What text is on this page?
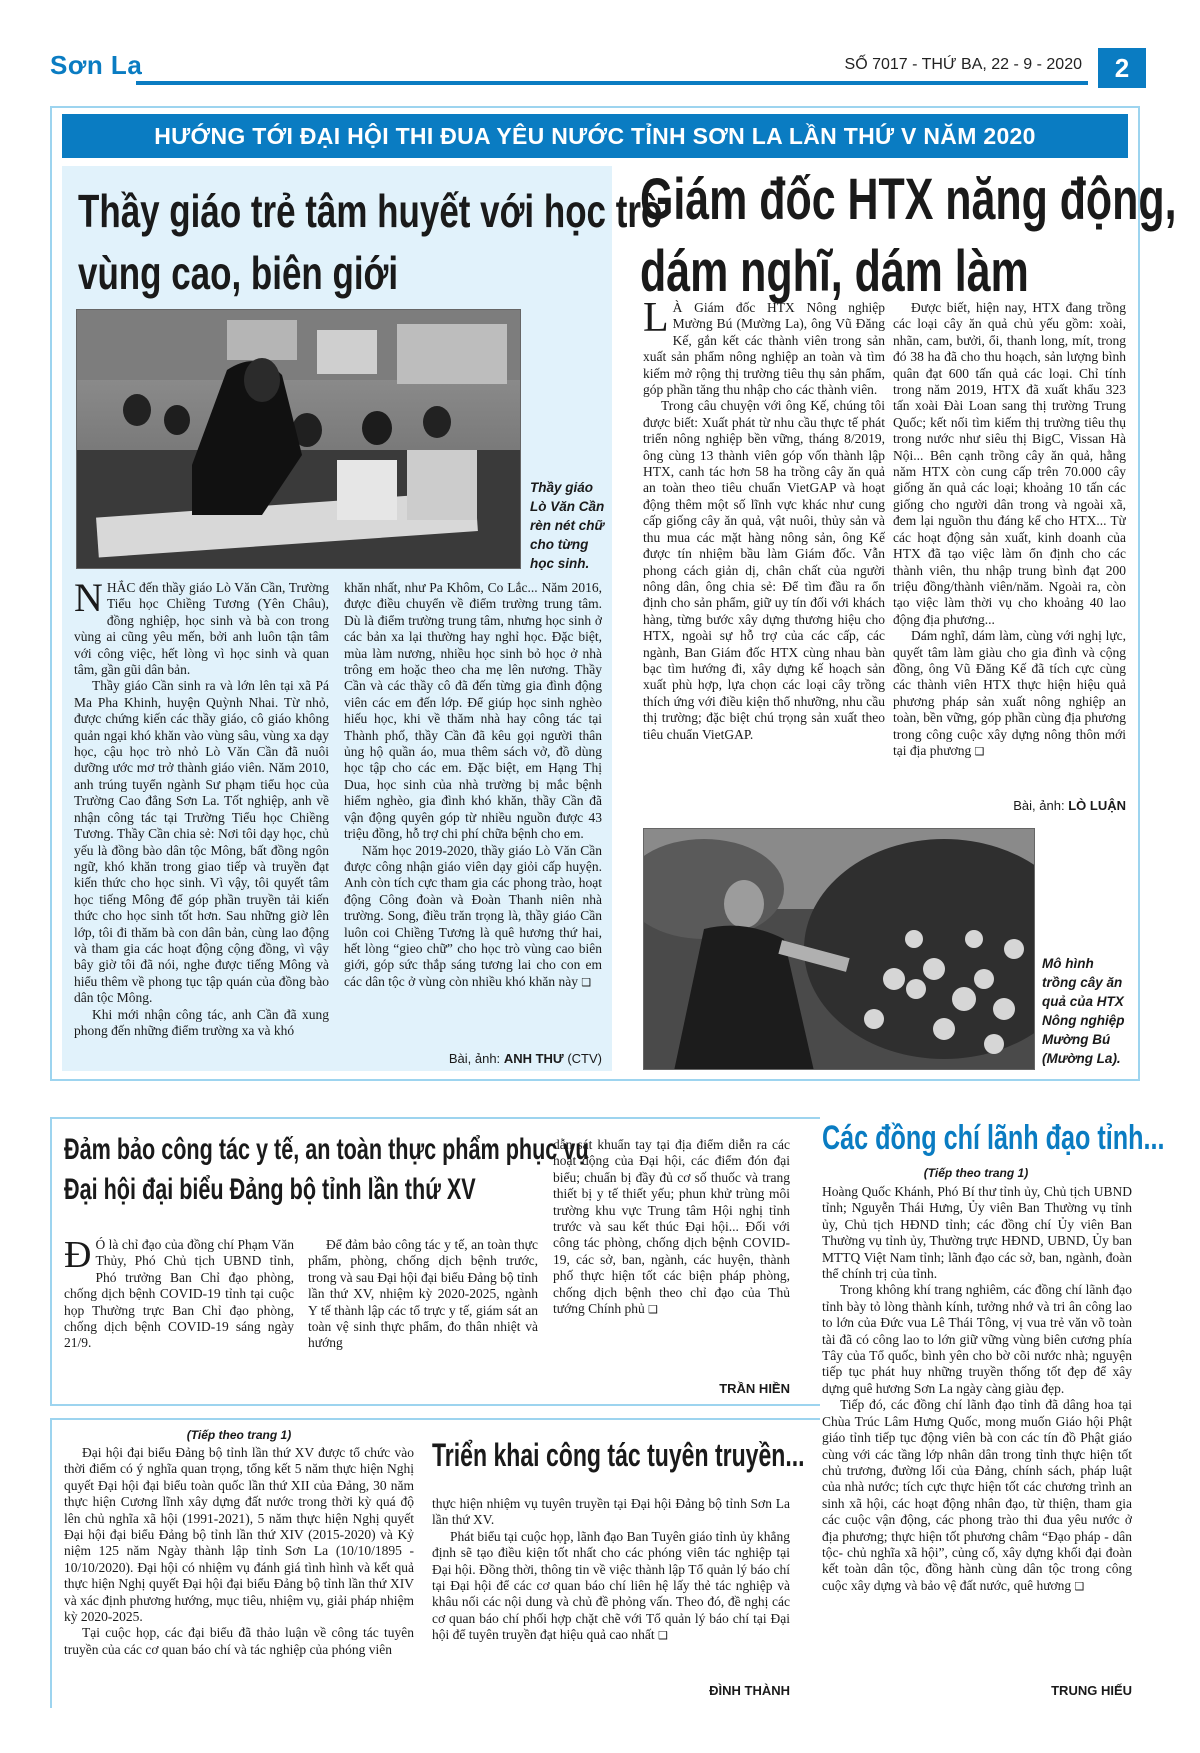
Sơn La	SỐ 7017 - THỨ BA, 22 - 9 - 2020	2
HƯỚNG TỚI ĐẠI HỘI THI ĐUA YÊU NƯỚC TỈNH SƠN LA LẦN THỨ V NĂM 2020
Thầy giáo trẻ tâm huyết với học trò
vùng cao, biên giới
Thầy giáo
Lò Văn Cần
rèn nét chữ
cho từng
học sinh.

NHẮC đến thầy giáo Lò Văn Cần, Trường Tiểu học Chiềng Tương (Yên Châu), đồng nghiệp, học sinh và bà con trong vùng ai cũng yêu mến, bởi anh luôn tận tâm với công việc, hết lòng vì học sinh và quan tâm, gần gũi dân bản.

Thầy giáo Cần sinh ra và lớn lên tại xã Pá Ma Pha Khinh, huyện Quỳnh Nhai. Từ nhỏ, được chứng kiến các thầy giáo, cô giáo không quản ngại khó khăn vào vùng sâu, vùng xa dạy học, cậu học trò nhỏ Lò Văn Cần đã nuôi dưỡng ước mơ trở thành giáo viên. Năm 2010, anh trúng tuyển ngành Sư phạm tiểu học của Trường Cao đẳng Sơn La. Tốt nghiệp, anh về nhận công tác tại Trường Tiểu học Chiềng Tương. Thầy Cần chia sẻ: Nơi tôi dạy học, chủ yếu là đồng bào dân tộc Mông, bất đồng ngôn ngữ, khó khăn trong giao tiếp và truyền đạt kiến thức cho học sinh. Vì vậy, tôi quyết tâm học tiếng Mông để góp phần truyền tải kiến thức cho học sinh tốt hơn. Sau những giờ lên lớp, tôi đi thăm bà con dân bản, cùng lao động và tham gia các hoạt động cộng đồng, vì vậy bây giờ tôi đã nói, nghe được tiếng Mông và hiểu thêm về phong tục tập quán của đồng bào dân tộc Mông.

Khi mới nhận công tác, anh Cần đã xung phong đến những điểm trường xa và khó

khăn nhất, như Pa Khôm, Co Lắc... Năm 2016, được điều chuyển về điểm trường trung tâm. Dù là điểm trường trung tâm, nhưng học sinh ở các bản xa lại thường hay nghỉ học. Đặc biệt, mùa làm nương, nhiều học sinh bỏ học ở nhà trông em hoặc theo cha mẹ lên nương. Thầy Cần và các thầy cô đã đến từng gia đình động viên các em đến lớp. Để giúp học sinh nghèo hiếu học, khi về thăm nhà hay công tác tại Thành phố, thầy Cần đã kêu gọi người thân ủng hộ quần áo, mua thêm sách vở, đồ dùng học tập cho các em. Đặc biệt, em Hạng Thị Dua, học sinh của nhà trường bị mắc bệnh hiểm nghèo, gia đình khó khăn, thầy Cần đã vận động quyên góp từ nhiều nguồn được 43 triệu đồng, hỗ trợ chi phí chữa bệnh cho em.

Năm học 2019-2020, thầy giáo Lò Văn Cần được công nhận giáo viên dạy giỏi cấp huyện. Anh còn tích cực tham gia các phong trào, hoạt động Công đoàn và Đoàn Thanh niên nhà trường. Song, điều trăn trọng là, thầy giáo Cần luôn coi Chiềng Tương là quê hương thứ hai, hết lòng “gieo chữ” cho học trò vùng cao biên giới, góp sức thắp sáng tương lai cho con em các dân tộc ở vùng còn nhiều khó khăn này ❑

Bài, ảnh: ANH THƯ (CTV)
Giám đốc HTX năng động,
dám nghĩ, dám làm

L À Giám đốc HTX Nông nghiệp Mường Bú (Mường La), ông Vũ Đăng Kế, gắn kết các thành viên trong sản xuất sản phẩm nông nghiệp an toàn và tìm kiếm mở rộng thị trường tiêu thụ sản phẩm, góp phần tăng thu nhập cho các thành viên.

Trong câu chuyện với ông Kế, chúng tôi được biết: Xuất phát từ nhu cầu thực tế phát triển nông nghiệp bền vững, tháng 8/2019, ông cùng 13 thành viên góp vốn thành lập HTX, canh tác hơn 58 ha trồng cây ăn quả an toàn theo tiêu chuẩn VietGAP và hoạt động thêm một số lĩnh vực khác như cung cấp giống cây ăn quả, vật nuôi, thủy sản và thu mua các mặt hàng nông sản, ông Kế được tín nhiệm bầu làm Giám đốc. Vẫn phong cách giản dị, chân chất của người nông dân, ông chia sẻ: Để tìm đầu ra ổn định cho sản phẩm, giữ uy tín đối với khách hàng, từng bước xây dựng thương hiệu cho HTX, ngoài sự hỗ trợ của các cấp, các ngành, Ban Giám đốc HTX cùng nhau bàn bạc tìm hướng đi, xây dựng kế hoạch sản xuất phù hợp, lựa chọn các loại cây trồng thích ứng với điều kiện thổ nhưỡng, nhu cầu thị trường; đặc biệt chú trọng sản xuất theo tiêu chuẩn VietGAP.

Được biết, hiện nay, HTX đang trồng các loại cây ăn quả chủ yếu gồm: xoài, nhãn, cam, bưởi, ổi, thanh long, mít, trong đó 38 ha đã cho thu hoạch, sản lượng bình quân đạt 600 tấn quả các loại. Chỉ tính trong năm 2019, HTX đã xuất khẩu 323 tấn xoài Đài Loan sang thị trường Trung Quốc; kết nối tìm kiếm thị trường tiêu thụ trong nước như siêu thị BigC, Vissan Hà Nội... Bên cạnh trồng cây ăn quả, hằng năm HTX còn cung cấp trên 70.000 cây giống ăn quả các loại; khoảng 10 tấn các giống cho người dân trong và ngoài xã, đem lại nguồn thu đáng kể cho HTX... Từ các hoạt động sản xuất, kinh doanh của HTX đã tạo việc làm ổn định cho các thành viên, thu nhập trung bình đạt 200 triệu đồng/thành viên/năm. Ngoài ra, còn tạo việc làm thời vụ cho khoảng 40 lao động địa phương...

Dám nghĩ, dám làm, cùng với nghị lực, quyết tâm làm giàu cho gia đình và cộng đồng, ông Vũ Đăng Kế đã tích cực cùng các thành viên HTX thực hiện hiệu quả phương pháp sản xuất nông nghiệp an toàn, bền vững, góp phần cùng địa phương trong công cuộc xây dựng nông thôn mới tại địa phương ❑

Bài, ảnh: LÒ LUẬN
Mô hình
trồng cây ăn
quả của HTX
Nông nghiệp
Mường Bú
(Mường La).
Đảm bảo công tác y tế, an toàn thực phẩm phục vụ
Đại hội đại biểu Đảng bộ tỉnh lần thứ XV

Đ Ó là chỉ đạo của đồng chí Phạm Văn Thủy, Phó Chủ tịch UBND tỉnh, Phó trưởng Ban Chỉ đạo phòng, chống dịch bệnh COVID-19 tỉnh tại cuộc họp Thường trực Ban Chỉ đạo phòng, chống dịch bệnh COVID-19 sáng ngày 21/9.

Để đảm bảo công tác y tế, an toàn thực phẩm, phòng, chống dịch bệnh trước, trong và sau Đại hội đại biểu Đảng bộ tỉnh lần thứ XV, nhiệm kỳ 2020-2025, ngành Y tế thành lập các tổ trực y tế, giám sát an toàn vệ sinh thực phẩm, đo thân nhiệt và hướng

dẫn sát khuẩn tay tại địa điểm diễn ra các hoạt động của Đại hội, các điểm đón đại biểu; chuẩn bị đầy đủ cơ số thuốc và trang thiết bị y tế thiết yếu; phun khử trùng môi trường khu vực Trung tâm Hội nghị tỉnh trước và sau kết thúc Đại hội... Đối với công tác phòng, chống dịch bệnh COVID-19, các sở, ban, ngành, các huyện, thành phố thực hiện tốt các biện pháp phòng, chống dịch bệnh theo chỉ đạo của Thủ tướng Chính phủ ❑

TRẦN HIỀN
(Tiếp theo trang 1)

Đại hội đại biểu Đảng bộ tỉnh lần thứ XV được tổ chức vào thời điểm có ý nghĩa quan trọng, tổng kết 5 năm thực hiện Nghị quyết Đại hội đại biểu toàn quốc lần thứ XII của Đảng, 30 năm thực hiện Cương lĩnh xây dựng đất nước trong thời kỳ quá độ lên chủ nghĩa xã hội (1991-2021), 5 năm thực hiện Nghị quyết Đại hội đại biểu Đảng bộ tỉnh lần thứ XIV (2015-2020) và Kỷ niệm 125 năm Ngày thành lập tỉnh Sơn La (10/10/1895 - 10/10/2020). Đại hội có nhiệm vụ đánh giá tình hình và kết quả thực hiện Nghị quyết Đại hội đại biểu Đảng bộ tỉnh lần thứ XIV và xác định phương hướng, mục tiêu, nhiệm vụ, giải pháp nhiệm kỳ 2020-2025.

Tại cuộc họp, các đại biểu đã thảo luận về công tác tuyên truyền của các cơ quan báo chí và tác nghiệp của phóng viên

Triển khai công tác tuyên truyền...

thực hiện nhiệm vụ tuyên truyền tại Đại hội Đảng bộ tỉnh Sơn La lần thứ XV.

Phát biểu tại cuộc họp, lãnh đạo Ban Tuyên giáo tỉnh ủy khẳng định sẽ tạo điều kiện tốt nhất cho các phóng viên tác nghiệp tại Đại hội. Đồng thời, thông tin về việc thành lập Tổ quản lý báo chí tại Đại hội để các cơ quan báo chí liên hệ lấy thẻ tác nghiệp và khâu nối các nội dung và chủ đề phỏng vấn. Theo đó, đề nghị các cơ quan báo chí phối hợp chặt chẽ với Tổ quản lý báo chí tại Đại hội để tuyên truyền đạt hiệu quả cao nhất ❑

ĐÌNH THÀNH
Các đồng chí lãnh đạo tỉnh...
(Tiếp theo trang 1)

Hoàng Quốc Khánh, Phó Bí thư tỉnh ủy, Chủ tịch UBND tỉnh; Nguyễn Thái Hưng, Ủy viên Ban Thường vụ tỉnh ủy, Chủ tịch HĐND tỉnh; các đồng chí Ủy viên Ban Thường vụ tỉnh ủy, Thường trực HĐND, UBND, Ủy ban MTTQ Việt Nam tỉnh; lãnh đạo các sở, ban, ngành, đoàn thể chính trị của tỉnh.

Trong không khí trang nghiêm, các đồng chí lãnh đạo tỉnh bày tỏ lòng thành kính, tưởng nhớ và tri ân công lao to lớn của Đức vua Lê Thái Tông, vị vua trẻ văn võ toàn tài đã có công lao to lớn giữ vững vùng biên cương phía Tây của Tổ quốc, bình yên cho bờ cõi nước nhà; nguyện tiếp tục phát huy những truyền thống tốt đẹp để xây dựng quê hương Sơn La ngày càng giàu đẹp.

Tiếp đó, các đồng chí lãnh đạo tỉnh đã dâng hoa tại Chùa Trúc Lâm Hưng Quốc, mong muốn Giáo hội Phật giáo tỉnh tiếp tục động viên bà con các tín đồ Phật giáo cùng với các tầng lớp nhân dân trong tỉnh thực hiện tốt chủ trương, đường lối của Đảng, chính sách, pháp luật của nhà nước; tích cực thực hiện tốt các chương trình an sinh xã hội, các hoạt động nhân đạo, từ thiện, tham gia các cuộc vận động, các phong trào thi đua yêu nước ở địa phương; thực hiện tốt phương châm “Đạo pháp - dân tộc- chủ nghĩa xã hội”, củng cố, xây dựng khối đại đoàn kết toàn dân tộc, đồng hành cùng dân tộc trong công cuộc xây dựng và bảo vệ đất nước, quê hương ❑

TRUNG HIẾU
